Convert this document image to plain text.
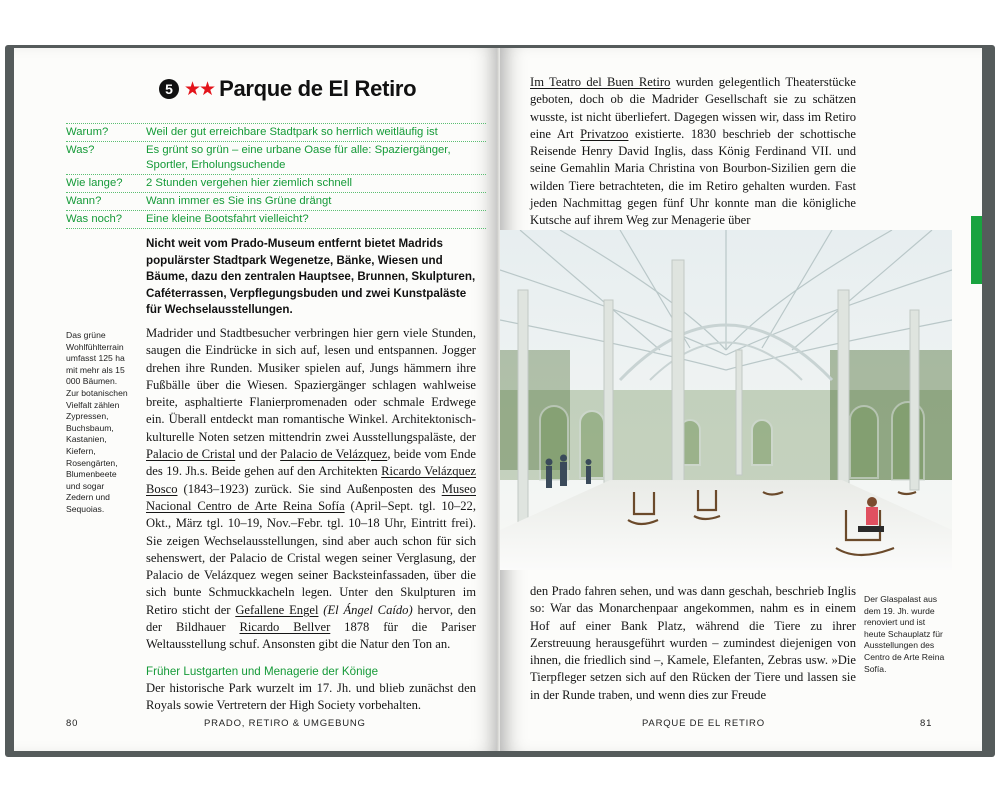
5 ★★ Parque de El Retiro
Warum?	Weil der gut erreichbare Stadtpark so herrlich weitläufig ist
Was?	Es grünt so grün – eine urbane Oase für alle: Spaziergänger, Sportler, Erholungsuchende
Wie lange?	2 Stunden vergehen hier ziemlich schnell
Wann?	Wann immer es Sie ins Grüne drängt
Was noch?	Eine kleine Bootsfahrt vielleicht?
Nicht weit vom Prado-Museum entfernt bietet Madrids populärster Stadtpark Wegenetze, Bänke, Wiesen und Bäume, dazu den zentralen Hauptsee, Brunnen, Skulpturen, Caféterrassen, Verpflegungsbuden und zwei Kunstpaläste für Wechselausstellungen.
Das grüne Wohlfühlterrain umfasst 125 ha mit mehr als 15 000 Bäumen. Zur botanischen Vielfalt zählen Zypressen, Buchsbaum, Kastanien, Kiefern, Rosengärten, Blumenbeete und sogar Zedern und Sequoias.
Madrider und Stadtbesucher verbringen hier gern viele Stunden, saugen die Eindrücke in sich auf, lesen und entspannen. Jogger drehen ihre Runden. Musiker spielen auf, Jungs hämmern ihre Fußbälle über die Wiesen. Spaziergänger schlagen wahlweise breite, asphaltierte Flanierpromenaden oder schmale Erdwege ein. Überall entdeckt man romantische Winkel. Architektonisch-kulturelle Noten setzen mittendrin zwei Ausstellungspaläste, der Palacio de Cristal und der Palacio de Velázquez, beide vom Ende des 19. Jh.s. Beide gehen auf den Architekten Ricardo Velázquez Bosco (1843–1923) zurück. Sie sind Außenposten des Museo Nacional Centro de Arte Reina Sofía (April–Sept. tgl. 10–22, Okt., März tgl. 10–19, Nov.–Febr. tgl. 10–18 Uhr, Eintritt frei). Sie zeigen Wechselausstellungen, sind aber auch schon für sich sehenswert, der Palacio de Cristal wegen seiner Verglasung, der Palacio de Velázquez wegen seiner Backsteinfassaden, über die sich bunte Schmuckkacheln legen. Unter den Skulpturen im Retiro sticht der Gefallene Engel (El Ángel Caído) hervor, den der Bildhauer Ricardo Bellver 1878 für die Pariser Weltausstellung schuf. Ansonsten gibt die Natur den Ton an.
Früher Lustgarten und Menagerie der Könige
Der historische Park wurzelt im 17. Jh. und blieb zunächst den Royals sowie Vertretern der High Society vorbehalten.
80	PRADO, RETIRO & UMGEBUNG
Im Teatro del Buen Retiro wurden gelegentlich Theaterstücke geboten, doch ob die Madrider Gesellschaft sie zu schätzen wusste, ist nicht überliefert. Dagegen wissen wir, dass im Retiro eine Art Privatzoo existierte. 1830 beschrieb der schottische Reisende Henry David Inglis, dass König Ferdinand VII. und seine Gemahlin Maria Christina von Bourbon-Sizilien gern die wilden Tiere betrachteten, die im Retiro gehalten wurden. Fast jeden Nachmittag gegen fünf Uhr konnte man die königliche Kutsche auf ihrem Weg zur Menagerie über
den Prado fahren sehen, und was dann geschah, beschrieb Inglis so: War das Monarchenpaar angekommen, nahm es in einem Hof auf einer Bank Platz, während die Tiere zu ihrer Zerstreuung herausgeführt wurden – zumindest diejenigen von ihnen, die friedlich sind –, Kamele, Elefanten, Zebras usw. »Die Tierpfleger setzen sich auf den Rücken der Tiere und lassen sie in der Runde traben, und wenn dies zur Freude
Der Glaspalast aus dem 19. Jh. wurde renoviert und ist heute Schauplatz für Ausstellungen des Centro de Arte Reina Sofía.
PARQUE DE EL RETIRO	81
